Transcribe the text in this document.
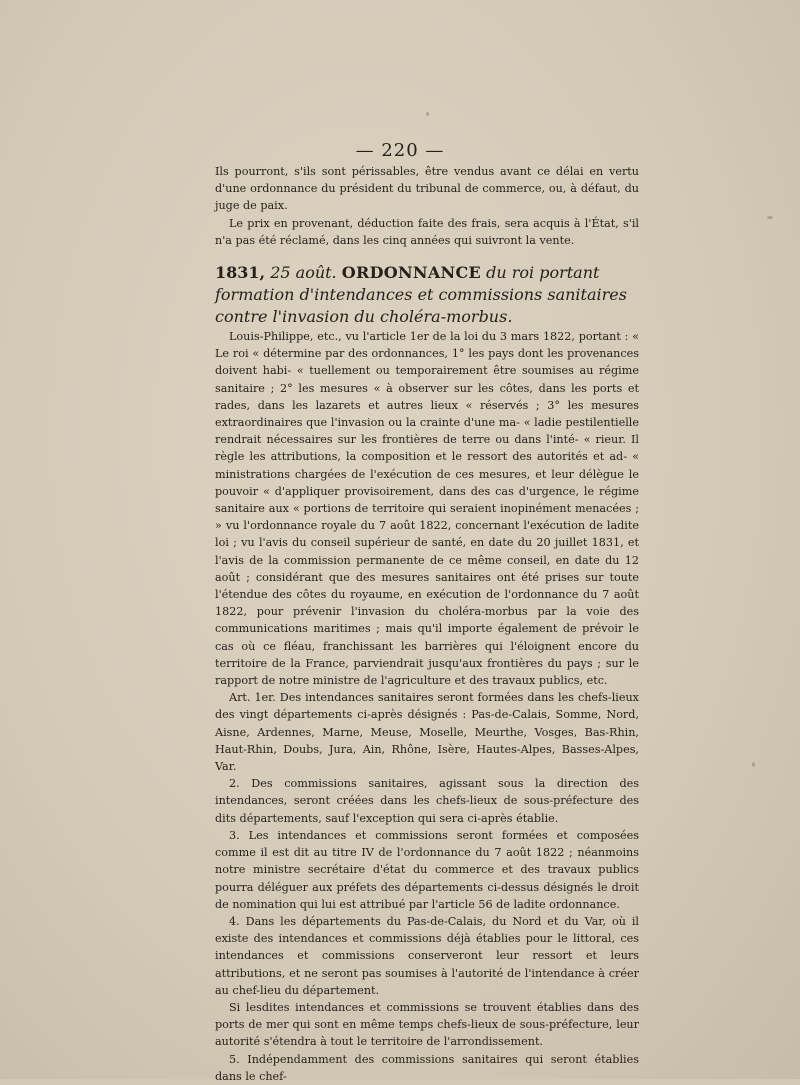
— 220 —

Ils pourront, s'ils sont périssables, être vendus avant ce délai en vertu d'une ordonnance du président du tribunal de commerce, ou, à défaut, du juge de paix.

Le prix en provenant, déduction faite des frais, sera acquis à l'État, s'il n'a pas été réclamé, dans les cinq années qui suivront la vente.

1831, 25 août. ORDONNANCE du roi portant formation d'intendances et commissions sanitaires contre l'invasion du choléra-morbus.

Louis-Philippe, etc., vu l'article 1er de la loi du 3 mars 1822, portant : « Le roi « détermine par des ordonnances, 1° les pays dont les provenances doivent habi- « tuellement ou temporairement être soumises au régime sanitaire ; 2° les mesures « à observer sur les côtes, dans les ports et rades, dans les lazarets et autres lieux « réservés ; 3° les mesures extraordinaires que l'invasion ou la crainte d'une ma- « ladie pestilentielle rendrait nécessaires sur les frontières de terre ou dans l'inté- « rieur. Il règle les attributions, la composition et le ressort des autorités et ad- « ministrations chargées de l'exécution de ces mesures, et leur délègue le pouvoir « d'appliquer provisoirement, dans des cas d'urgence, le régime sanitaire aux « portions de territoire qui seraient inopinément menacées ; » vu l'ordonnance royale du 7 août 1822, concernant l'exécution de ladite loi ; vu l'avis du conseil supérieur de santé, en date du 20 juillet 1831, et l'avis de la commission permanente de ce même conseil, en date du 12 août ; considérant que des mesures sanitaires ont été prises sur toute l'étendue des côtes du royaume, en exécution de l'ordonnance du 7 août 1822, pour prévenir l'invasion du choléra-morbus par la voie des communications maritimes ; mais qu'il importe également de prévoir le cas où ce fléau, franchissant les barrières qui l'éloignent encore du territoire de la France, parviendrait jusqu'aux frontières du pays ; sur le rapport de notre ministre de l'agriculture et des travaux publics, etc.

Art. 1er. Des intendances sanitaires seront formées dans les chefs-lieux des vingt départements ci-après désignés : Pas-de-Calais, Somme, Nord, Aisne, Ardennes, Marne, Meuse, Moselle, Meurthe, Vosges, Bas-Rhin, Haut-Rhin, Doubs, Jura, Ain, Rhône, Isère, Hautes-Alpes, Basses-Alpes, Var.

2. Des commissions sanitaires, agissant sous la direction des intendances, seront créées dans les chefs-lieux de sous-préfecture des dits départements, sauf l'exception qui sera ci-après établie.

3. Les intendances et commissions seront formées et composées comme il est dit au titre IV de l'ordonnance du 7 août 1822 ; néanmoins notre ministre secrétaire d'état du commerce et des travaux publics pourra déléguer aux préfets des départements ci-dessus désignés le droit de nomination qui lui est attribué par l'article 56 de ladite ordonnance.

4. Dans les départements du Pas-de-Calais, du Nord et du Var, où il existe des intendances et commissions déjà établies pour le littoral, ces intendances et commissions conserveront leur ressort et leurs attributions, et ne seront pas soumises à l'autorité de l'intendance à créer au chef-lieu du département.

Si lesdites intendances et commissions se trouvent établies dans des ports de mer qui sont en même temps chefs-lieux de sous-préfecture, leur autorité s'étendra à tout le territoire de l'arrondissement.

5. Indépendamment des commissions sanitaires qui seront établies dans le chef-
